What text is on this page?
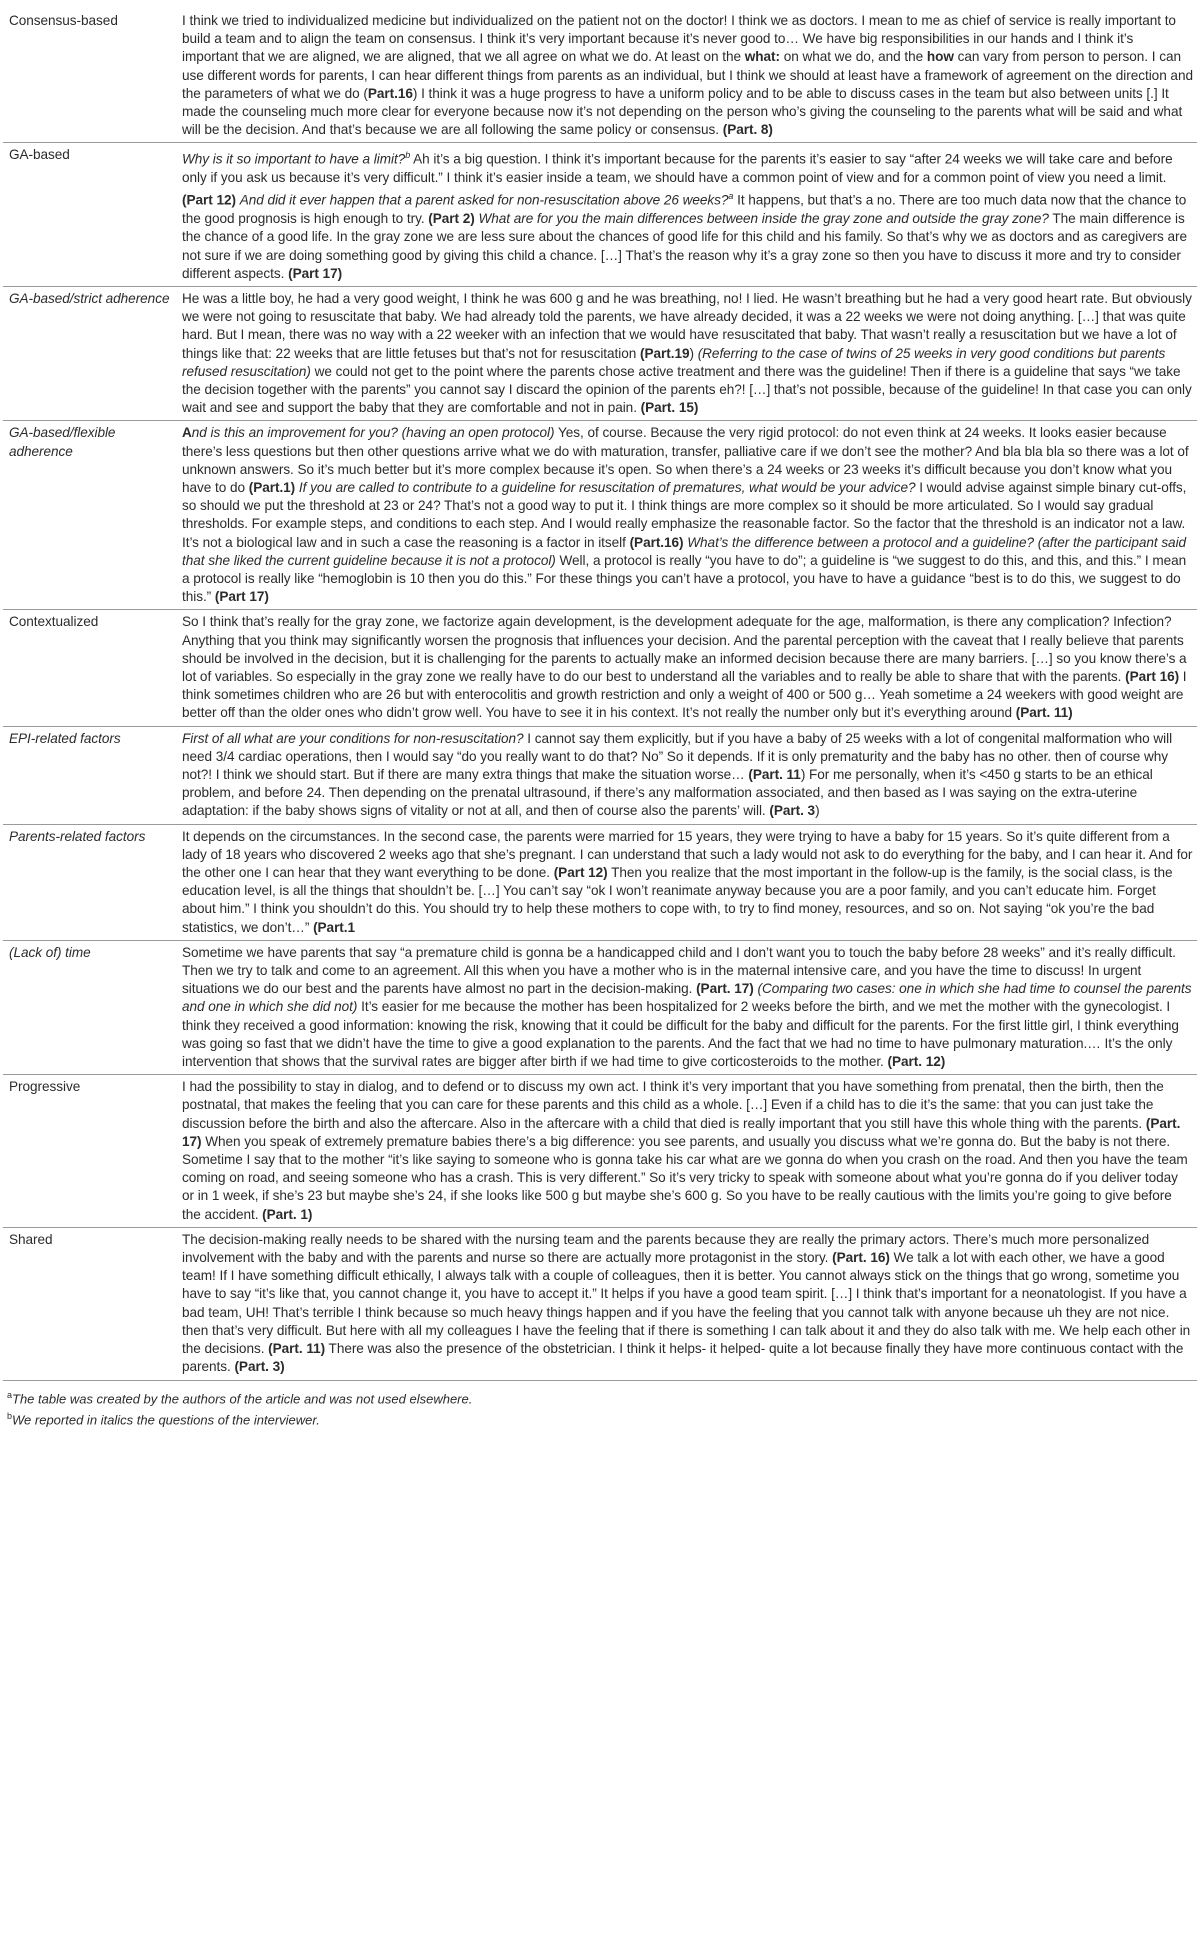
Consensus-based	I think we tried to individualized medicine but individualized on the patient not on the doctor! I think we as doctors. I mean to me as chief of service is really important to build a team and to align the team on consensus. I think it’s very important because it’s never good to… We have big responsibilities in our hands and I think it’s important that we are aligned, we are aligned, that we all agree on what we do. At least on the what: on what we do, and the how can vary from person to person. I can use different words for parents, I can hear different things from parents as an individual, but I think we should at least have a framework of agreement on the direction and the parameters of what we do (Part.16) I think it was a huge progress to have a uniform policy and to be able to discuss cases in the team but also between units [.] It made the counseling much more clear for everyone because now it’s not depending on the person who’s giving the counseling to the parents what will be said and what will be the decision. And that’s because we are all following the same policy or consensus. (Part. 8)
GA-based	Why is it so important to have a limit?$^b$ Ah it’s a big question. I think it’s important because for the parents it’s easier to say “after 24 weeks we will take care and before only if you ask us because it’s very difficult.” I think it’s easier inside a team, we should have a common point of view and for a common point of view you need a limit. (Part 12) And did it ever happen that a parent asked for non-resuscitation above 26 weeks?$^a$ It happens, but that’s a no. There are too much data now that the chance to the good prognosis is high enough to try. (Part 2) What are for you the main differences between inside the gray zone and outside the gray zone? The main difference is the chance of a good life. In the gray zone we are less sure about the chances of good life for this child and his family. So that’s why we as doctors and as caregivers are not sure if we are doing something good by giving this child a chance. […] That’s the reason why it’s a gray zone so then you have to discuss it more and try to consider different aspects. (Part 17)
GA-based/strict adherence	He was a little boy, he had a very good weight, I think he was 600 g and he was breathing, no! I lied. He wasn’t breathing but he had a very good heart rate. But obviously we were not going to resuscitate that baby. We had already told the parents, we have already decided, it was a 22 weeks we were not doing anything. […] that was quite hard. But I mean, there was no way with a 22 weeker with an infection that we would have resuscitated that baby. That wasn’t really a resuscitation but we have a lot of things like that: 22 weeks that are little fetuses but that’s not for resuscitation (Part.19) (Referring to the case of twins of 25 weeks in very good conditions but parents refused resuscitation) we could not get to the point where the parents chose active treatment and there was the guideline! Then if there is a guideline that says “we take the decision together with the parents” you cannot say I discard the opinion of the parents eh?! […] that’s not possible, because of the guideline! In that case you can only wait and see and support the baby that they are comfortable and not in pain. (Part. 15)
GA-based/flexible adherence	And is this an improvement for you? (having an open protocol) Yes, of course. Because the very rigid protocol: do not even think at 24 weeks. It looks easier because there’s less questions but then other questions arrive what we do with maturation, transfer, palliative care if we don’t see the mother? And bla bla bla so there was a lot of unknown answers. So it’s much better but it’s more complex because it’s open. So when there’s a 24 weeks or 23 weeks it’s difficult because you don’t know what you have to do (Part.1) If you are called to contribute to a guideline for resuscitation of prematures, what would be your advice? I would advise against simple binary cut-offs, so should we put the threshold at 23 or 24? That’s not a good way to put it. I think things are more complex so it should be more articulated. So I would say gradual thresholds. For example steps, and conditions to each step. And I would really emphasize the reasonable factor. So the factor that the threshold is an indicator not a law. It’s not a biological law and in such a case the reasoning is a factor in itself (Part.16) What’s the difference between a protocol and a guideline? (after the participant said that she liked the current guideline because it is not a protocol) Well, a protocol is really “you have to do”; a guideline is “we suggest to do this, and this, and this.” I mean a protocol is really like “hemoglobin is 10 then you do this.” For these things you can’t have a protocol, you have to have a guidance “best is to do this, we suggest to do this.” (Part 17)
Contextualized	So I think that’s really for the gray zone, we factorize again development, is the development adequate for the age, malformation, is there any complication? Infection? Anything that you think may significantly worsen the prognosis that influences your decision. And the parental perception with the caveat that I really believe that parents should be involved in the decision, but it is challenging for the parents to actually make an informed decision because there are many barriers. […] so you know there’s a lot of variables. So especially in the gray zone we really have to do our best to understand all the variables and to really be able to share that with the parents. (Part 16) I think sometimes children who are 26 but with enterocolitis and growth restriction and only a weight of 400 or 500 g… Yeah sometime a 24 weekers with good weight are better off than the older ones who didn’t grow well. You have to see it in his context. It’s not really the number only but it’s everything around (Part. 11)
EPI-related factors	First of all what are your conditions for non-resuscitation? I cannot say them explicitly, but if you have a baby of 25 weeks with a lot of congenital malformation who will need 3/4 cardiac operations, then I would say “do you really want to do that? No” So it depends. If it is only prematurity and the baby has no other. then of course why not?! I think we should start. But if there are many extra things that make the situation worse… (Part. 11) For me personally, when it’s <450 g starts to be an ethical problem, and before 24. Then depending on the prenatal ultrasound, if there’s any malformation associated, and then based as I was saying on the extra-uterine adaptation: if the baby shows signs of vitality or not at all, and then of course also the parents’ will. (Part. 3)
Parents-related factors	It depends on the circumstances. In the second case, the parents were married for 15 years, they were trying to have a baby for 15 years. So it’s quite different from a lady of 18 years who discovered 2 weeks ago that she’s pregnant. I can understand that such a lady would not ask to do everything for the baby, and I can hear it. And for the other one I can hear that they want everything to be done. (Part 12) Then you realize that the most important in the follow-up is the family, is the social class, is the education level, is all the things that shouldn’t be. […] You can’t say “ok I won’t reanimate anyway because you are a poor family, and you can’t educate him. Forget about him.” I think you shouldn’t do this. You should try to help these mothers to cope with, to try to find money, resources, and so on. Not saying “ok you’re the bad statistics, we don’t…” (Part.1
(Lack of) time	Sometime we have parents that say “a premature child is gonna be a handicapped child and I don’t want you to touch the baby before 28 weeks” and it’s really difficult. Then we try to talk and come to an agreement. All this when you have a mother who is in the maternal intensive care, and you have the time to discuss! In urgent situations we do our best and the parents have almost no part in the decision-making. (Part. 17) (Comparing two cases: one in which she had time to counsel the parents and one in which she did not) It’s easier for me because the mother has been hospitalized for 2 weeks before the birth, and we met the mother with the gynecologist. I think they received a good information: knowing the risk, knowing that it could be difficult for the baby and difficult for the parents. For the first little girl, I think everything was going so fast that we didn’t have the time to give a good explanation to the parents. And the fact that we had no time to have pulmonary maturation.… It’s the only intervention that shows that the survival rates are bigger after birth if we had time to give corticosteroids to the mother. (Part. 12)
Progressive	I had the possibility to stay in dialog, and to defend or to discuss my own act. I think it’s very important that you have something from prenatal, then the birth, then the postnatal, that makes the feeling that you can care for these parents and this child as a whole. […] Even if a child has to die it’s the same: that you can just take the discussion before the birth and also the aftercare. Also in the aftercare with a child that died is really important that you still have this whole thing with the parents. (Part. 17) When you speak of extremely premature babies there’s a big difference: you see parents, and usually you discuss what we’re gonna do. But the baby is not there. Sometime I say that to the mother “it’s like saying to someone who is gonna take his car what are we gonna do when you crash on the road. And then you have the team coming on road, and seeing someone who has a crash. This is very different.” So it’s very tricky to speak with someone about what you’re gonna do if you deliver today or in 1 week, if she’s 23 but maybe she’s 24, if she looks like 500 g but maybe she’s 600 g. So you have to be really cautious with the limits you’re going to give before the accident. (Part. 1)
Shared	The decision-making really needs to be shared with the nursing team and the parents because they are really the primary actors. There’s much more personalized involvement with the baby and with the parents and nurse so there are actually more protagonist in the story. (Part. 16) We talk a lot with each other, we have a good team! If I have something difficult ethically, I always talk with a couple of colleagues, then it is better. You cannot always stick on the things that go wrong, sometime you have to say “it’s like that, you cannot change it, you have to accept it.” It helps if you have a good team spirit. […] I think that’s important for a neonatologist. If you have a bad team, UH! That’s terrible I think because so much heavy things happen and if you have the feeling that you cannot talk with anyone because uh they are not nice. then that’s very difficult. But here with all my colleagues I have the feeling that if there is something I can talk about it and they do also talk with me. We help each other in the decisions. (Part. 11) There was also the presence of the obstetrician. I think it helps- it helped- quite a lot because finally they have more continuous contact with the parents. (Part. 3)
$^a$The table was created by the authors of the article and was not used elsewhere.
$^b$We reported in italics the questions of the interviewer.
